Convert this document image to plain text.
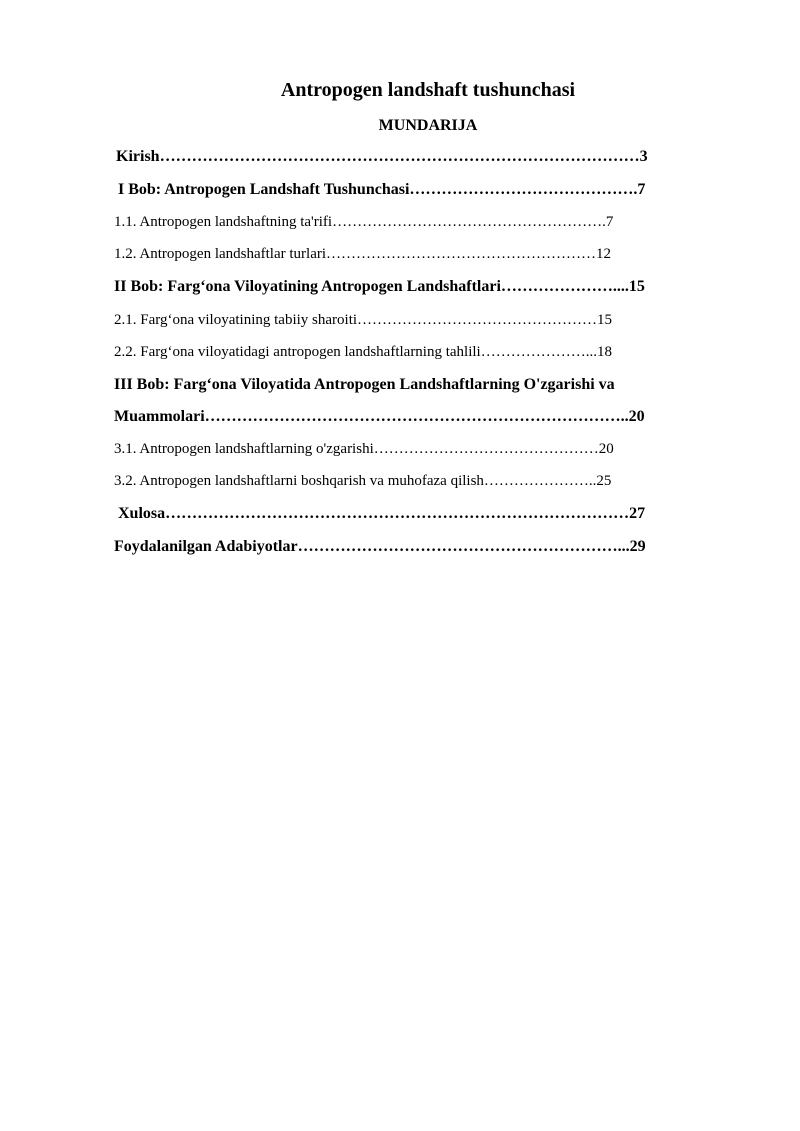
Antropogen landshaft tushunchasi
MUNDARIJA
Kirish………………………………………………………………………………3
I Bob: Antropogen Landshaft Tushunchasi…………………………………….7
1.1. Antropogen landshaftning ta'rifi……………………………………………….7
1.2. Antropogen landshaftlar turlari………………………………………………12
II Bob: Farg‘ona Viloyatining Antropogen Landshaftlari…………………....15
2.1. Farg‘ona viloyatining tabiiy sharoiti…………………………………………15
2.2. Farg‘ona viloyatidagi antropogen landshaftlarning tahlili…………………...18
III Bob: Farg‘ona Viloyatida Antropogen Landshaftlarning O'zgarishi va
Muammolari……………………………………………………………………..20
3.1. Antropogen landshaftlarning o'zgarishi………………………………………20
3.2. Antropogen landshaftlarni boshqarish va muhofaza qilish…………………..25
Xulosa……………………………………………………………………………27
Foydalanilgan Adabiyotlar……………………………………………………...29
